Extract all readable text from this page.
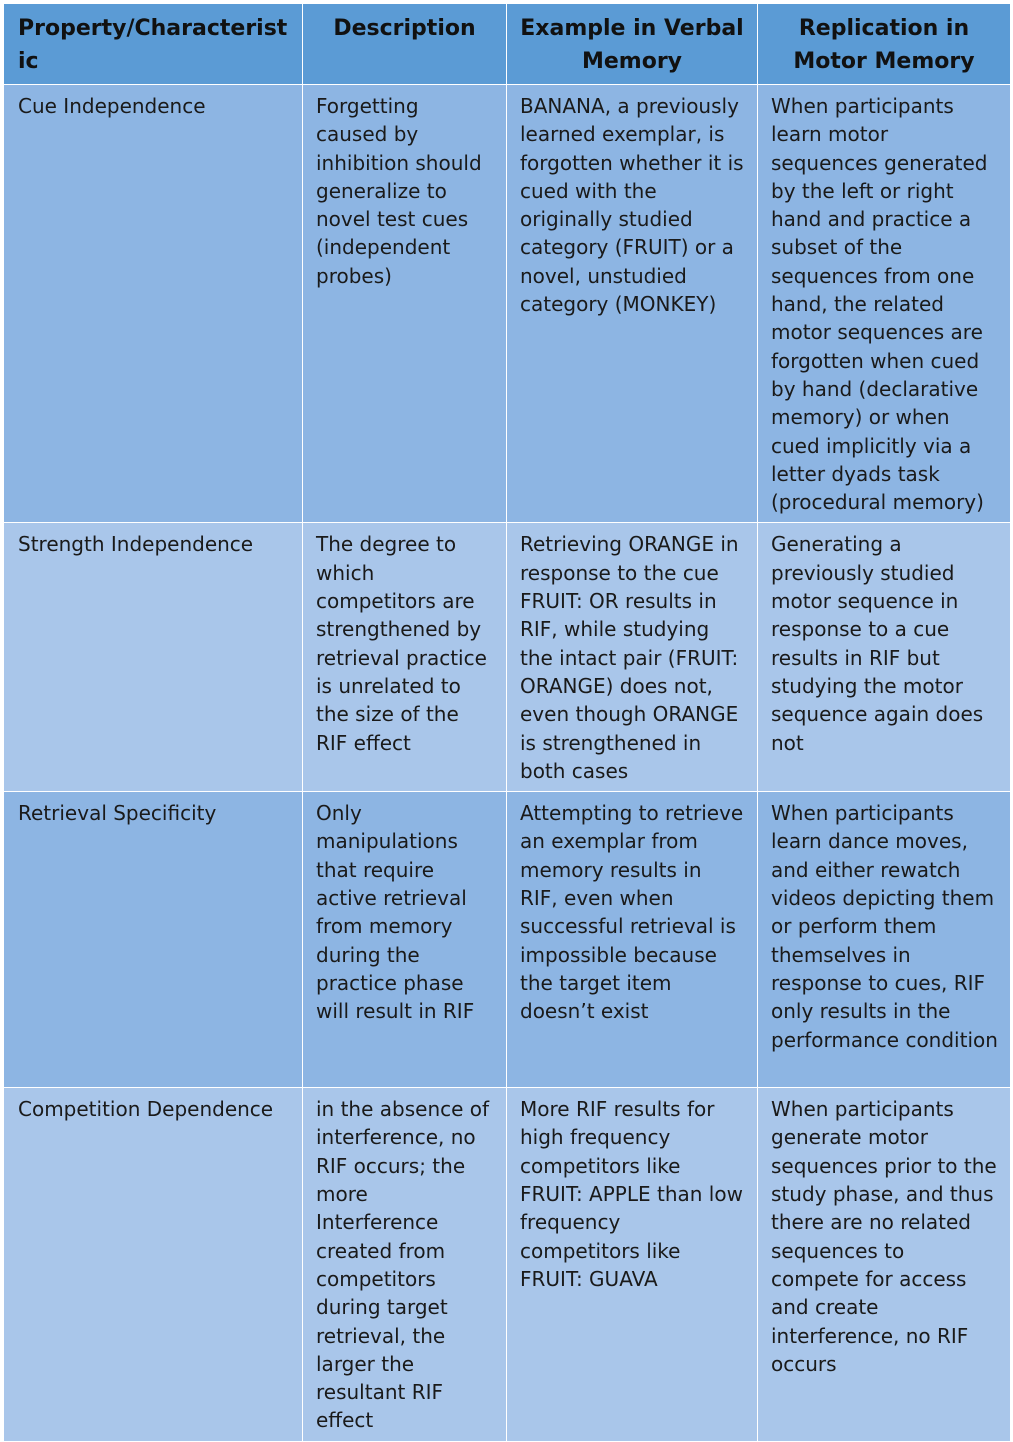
Property/Characteristic	Description	Example in Verbal Memory	Replication in Motor Memory
Cue Independence	Forgetting caused by inhibition should generalize to novel test cues (independent probes)	BANANA, a previously learned exemplar, is forgotten whether it is cued with the originally studied category (FRUIT) or a novel, unstudied category (MONKEY)	When participants learn motor sequences generated by the left or right hand and practice a subset of the sequences from one hand, the related motor sequences are forgotten when cued by hand (declarative memory) or when cued implicitly via a letter dyads task (procedural memory)
Strength Independence	The degree to which competitors are strengthened by retrieval practice is unrelated to the size of the RIF effect	Retrieving ORANGE in response to the cue FRUIT: OR results in RIF, while studying the intact pair (FRUIT: ORANGE) does not, even though ORANGE is strengthened in both cases	Generating a previously studied motor sequence in response to a cue results in RIF but studying the motor sequence again does not
Retrieval Specificity	Only manipulations that require active retrieval from memory during the practice phase will result in RIF	Attempting to retrieve an exemplar from memory results in RIF, even when successful retrieval is impossible because the target item doesn’t exist	When participants learn dance moves, and either rewatch videos depicting them or perform them themselves in response to cues, RIF only results in the performance condition
Competition Dependence	in the absence of interference, no RIF occurs; the more Interference created from competitors during target retrieval, the larger the resultant RIF effect	More RIF results for high frequency competitors like FRUIT: APPLE than low frequency competitors like FRUIT: GUAVA	When participants generate motor sequences prior to the study phase, and thus there are no related sequences to compete for access and create interference, no RIF occurs
